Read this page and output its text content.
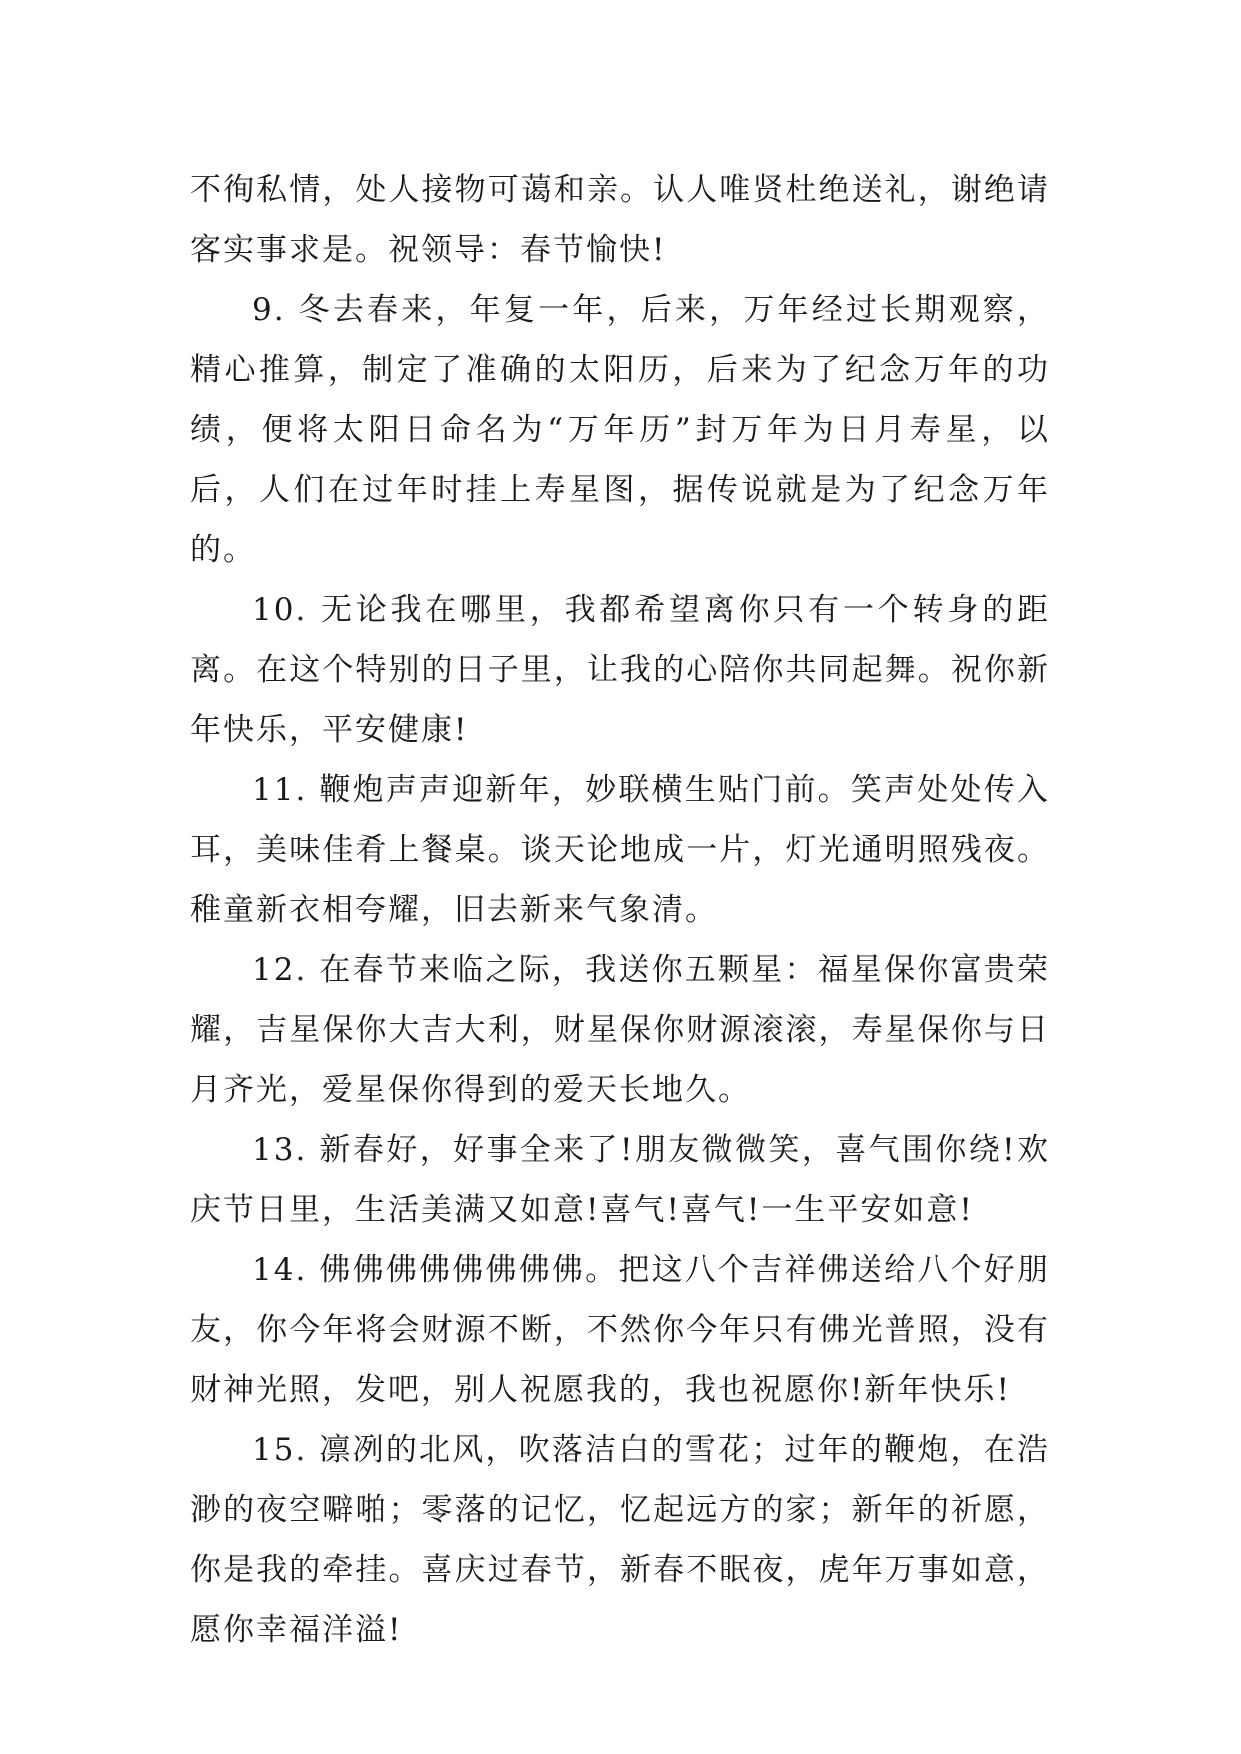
不徇私情，处人接物可蔼和亲。认人唯贤杜绝送礼，谢绝请客实事求是。祝领导：春节愉快!

9. 冬去春来，年复一年，后来，万年经过长期观察，精心推算，制定了准确的太阳历，后来为了纪念万年的功绩，便将太阳日命名为“万年历”封万年为日月寿星，以后，人们在过年时挂上寿星图，据传说就是为了纪念万年的。

10. 无论我在哪里，我都希望离你只有一个转身的距离。在这个特别的日子里，让我的心陪你共同起舞。祝你新年快乐，平安健康!

11. 鞭炮声声迎新年，妙联横生贴门前。笑声处处传入耳，美味佳肴上餐桌。谈天论地成一片，灯光通明照残夜。稚童新衣相夸耀，旧去新来气象清。

12. 在春节来临之际，我送你五颗星：福星保你富贵荣耀，吉星保你大吉大利，财星保你财源滚滚，寿星保你与日月齐光，爱星保你得到的爱天长地久。

13. 新春好，好事全来了!朋友微微笑，喜气围你绕!欢庆节日里，生活美满又如意!喜气!喜气!一生平安如意!

14. 佛佛佛佛佛佛佛佛。把这八个吉祥佛送给八个好朋友，你今年将会财源不断，不然你今年只有佛光普照，没有财神光照，发吧，别人祝愿我的，我也祝愿你!新年快乐!

15. 凛冽的北风，吹落洁白的雪花；过年的鞭炮，在浩渺的夜空噼啪；零落的记忆，忆起远方的家；新年的祈愿，你是我的牵挂。喜庆过春节，新春不眠夜，虎年万事如意，愿你幸福洋溢!
